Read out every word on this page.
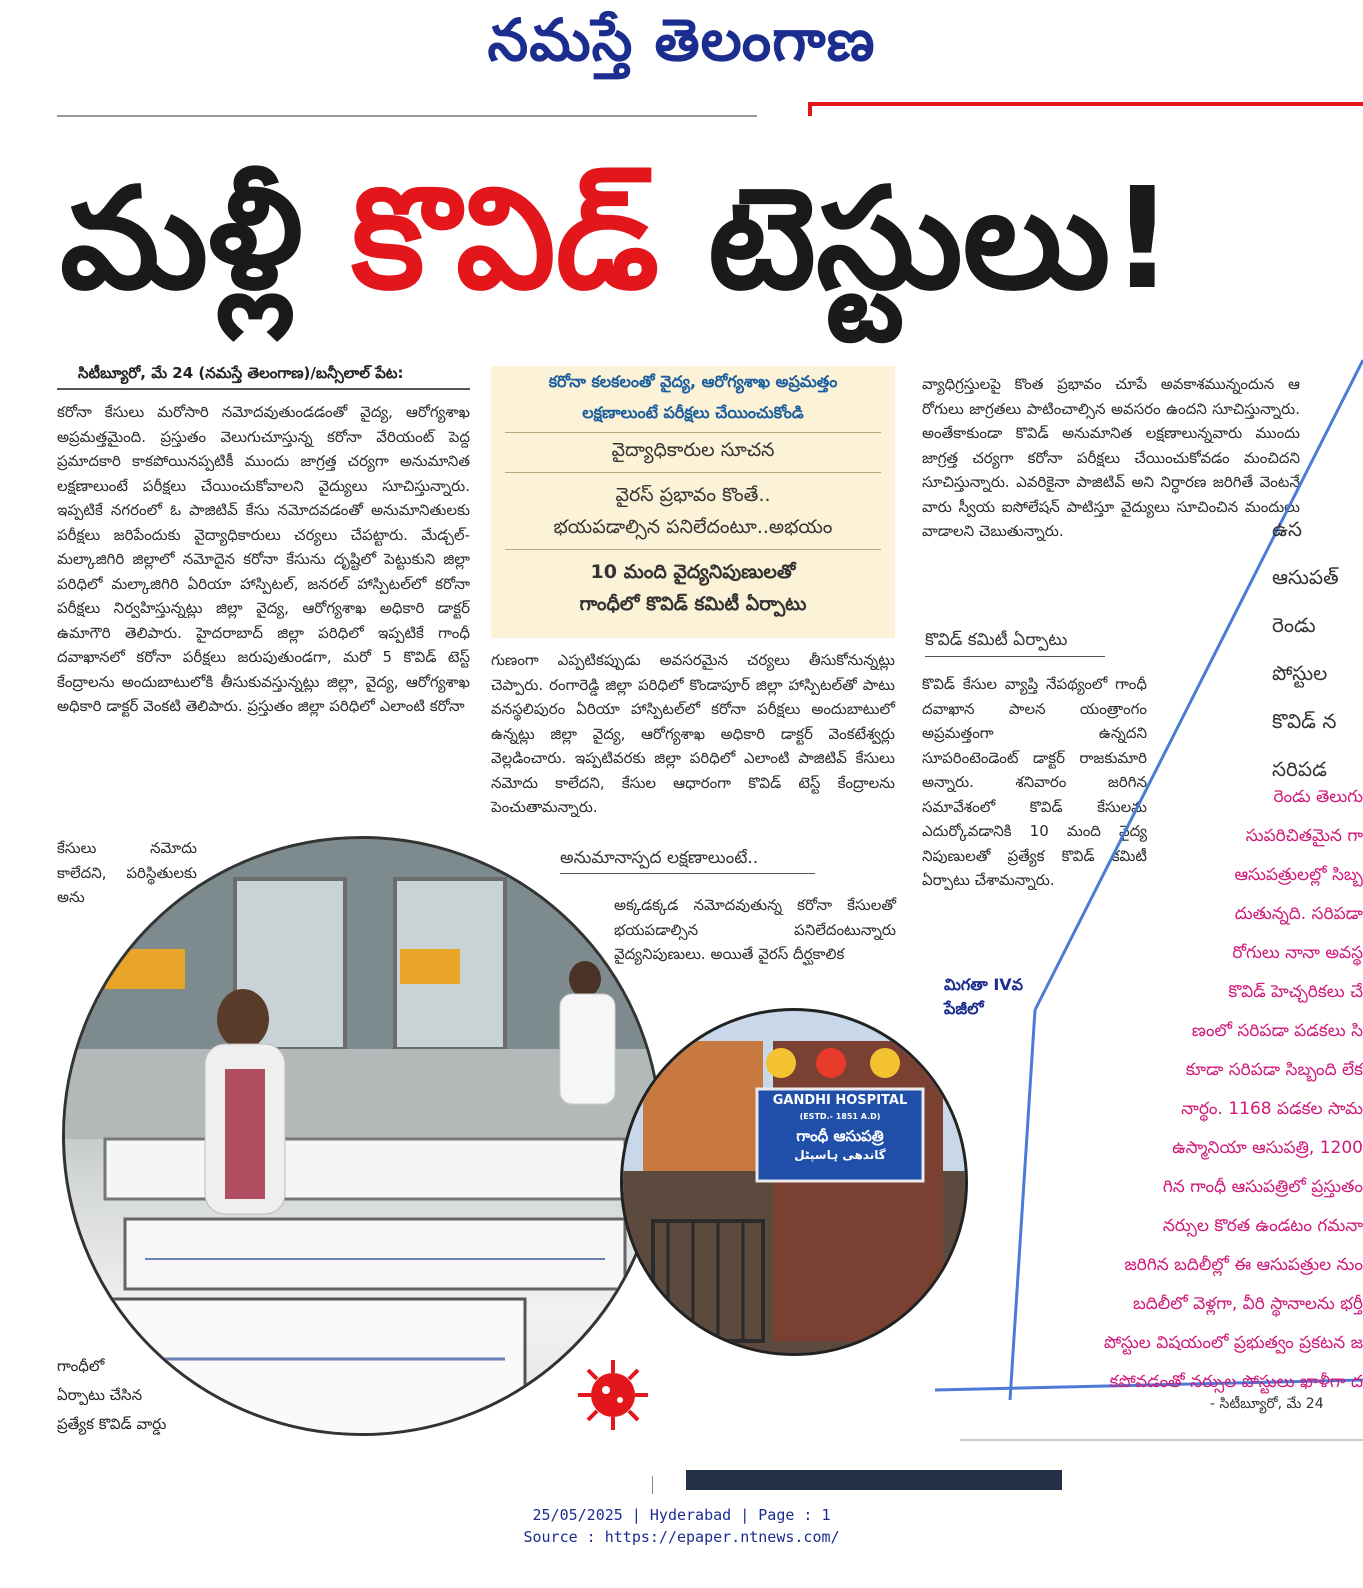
నమస్తే తెలంగాణ
మళ్లీ కొవిడ్ టెస్టులు!
సిటీబ్యూరో, మే 24 (నమస్తే తెలంగాణ)/బన్సీలాల్ పేట:
కరోనా కేసులు మరోసారి నమోదవుతుండడంతో వైద్య, ఆరోగ్యశాఖ అప్రమత్తమైంది. ప్రస్తుతం వెలుగుచూస్తున్న కరోనా వేరియంట్ పెద్ద ప్రమాదకారి కాకపోయినప్పటికీ ముందు జాగ్రత్త చర్యగా అనుమానిత లక్షణాలుంటే పరీక్షలు చేయించుకోవాలని వైద్యులు సూచిస్తున్నారు. ఇప్పటికే నగరంలో ఓ పాజిటివ్ కేసు నమోదవడంతో అనుమానితులకు పరీక్షలు జరిపేందుకు వైద్యాధికారులు చర్యలు చేపట్టారు. మేడ్చల్-మల్కాజిగిరి జిల్లాలో నమోదైన కరోనా కేసును దృష్టిలో పెట్టుకుని జిల్లా పరిధిలో మల్కాజిగిరి ఏరియా హాస్పిటల్, జనరల్ హాస్పిటల్‌లో కరోనా పరీక్షలు నిర్వహిస్తున్నట్లు జిల్లా వైద్య, ఆరోగ్యశాఖ అధికారి డాక్టర్ ఉమాగౌరి తెలిపారు. హైదరాబాద్ జిల్లా పరిధిలో ఇప్పటికే గాంధీ దవాఖానలో కరోనా పరీక్షలు జరుపుతుండగా, మరో 5 కొవిడ్ టెస్ట్ కేంద్రాలను అందుబాటులోకి తీసుకువస్తున్నట్లు జిల్లా, వైద్య, ఆరోగ్యశాఖ అధికారి డాక్టర్ వెంకటి తెలిపారు. ప్రస్తుతం జిల్లా పరిధిలో ఎలాంటి కరోనా
కేసులు నమోదు కాలేదని, పరిస్థితులకు అను
కరోనా కలకలంతో వైద్య, ఆరోగ్యశాఖ అప్రమత్తం
లక్షణాలుంటే పరీక్షలు చేయించుకోండి
వైద్యాధికారుల సూచన
వైరస్ ప్రభావం కొంతే..
భయపడాల్సిన పనిలేదంటూ..అభయం
10 మంది వైద్యనిపుణులతో
గాంధీలో కొవిడ్ కమిటీ ఏర్పాటు
గుణంగా ఎప్పటికప్పుడు అవసరమైన చర్యలు తీసుకోనున్నట్లు చెప్పారు. రంగారెడ్డి జిల్లా పరిధిలో కొండాపూర్ జిల్లా హాస్పిటల్‌తో పాటు వనస్థలిపురం ఏరియా హాస్పిటల్‌లో కరోనా పరీక్షలు అందుబాటులో ఉన్నట్లు జిల్లా వైద్య, ఆరోగ్యశాఖ అధికారి డాక్టర్ వెంకటేశ్వర్లు వెల్లడించారు. ఇప్పటివరకు జిల్లా పరిధిలో ఎలాంటి పాజిటివ్ కేసులు నమోదు కాలేదని, కేసుల ఆధారంగా కొవిడ్ టెస్ట్ కేంద్రాలను పెంచుతామన్నారు.
అనుమానాస్పద లక్షణాలుంటే..
అక్కడక్కడ నమోదవుతున్న కరోనా కేసులతో భయపడాల్సిన పనిలేదంటున్నారు వైద్యనిపుణులు. అయితే వైరస్ దీర్ఘకాలిక
వ్యాధిగ్రస్తులపై కొంత ప్రభావం చూపే అవకాశమున్నందున ఆ రోగులు జాగ్రతలు పాటించాల్సిన అవసరం ఉందని సూచిస్తున్నారు. అంతేకాకుండా కొవిడ్ అనుమానిత లక్షణాలున్నవారు ముందు జాగ్రత్త చర్యగా కరోనా పరీక్షలు చేయించుకోవడం మంచిదని సూచిస్తున్నారు. ఎవరికైనా పాజిటివ్ అని నిర్ధారణ జరిగితే వెంటనే వారు స్వీయ ఐసోలేషన్ పాటిస్తూ వైద్యులు సూచించిన మందులు వాడాలని చెబుతున్నారు.
కొవిడ్ కమిటీ ఏర్పాటు
కొవిడ్ కేసుల వ్యాప్తి నేపథ్యంలో గాంధీ దవాఖాన పాలన యంత్రాంగం అప్రమత్తంగా ఉన్నదని సూపరింటెండెంట్ డాక్టర్ రాజకుమారి అన్నారు. శనివారం జరిగిన సమావేశంలో కొవిడ్ కేసులను ఎదుర్కోవడానికి 10 మంది వైద్య నిపుణులతో ప్రత్యేక కొవిడ్ కమిటీ ఏర్పాటు చేశామన్నారు.
మిగతా IVవ పేజీలో
ఉస
ఆసుపత్
రెండు
పోస్టుల
కొవిడ్ న
సరిపడ
రెండు తెలుగు
సుపరిచితమైన గా
ఆసుపత్రులల్లో సిబ్బ
దుతున్నది. సరిపడా
రోగులు నానా అవస్థ
కొవిడ్ హెచ్చరికలు చే
ణంలో సరిపడా పడకలు సి
కూడా సరిపడా సిబ్బంది లేక
నార్థం. 1168 పడకల సామ
ఉస్మానియా ఆసుపత్రి, 1200
గిన గాంధీ ఆసుపత్రిలో ప్రస్తుతం
నర్సుల కొరత ఉండటం గమనా
జరిగిన బదిలీల్లో ఈ ఆసుపత్రుల నుం
బదిలీలో వెళ్లగా, వీరి స్థానాలను భర్తీ
పోస్టుల విషయంలో ప్రభుత్వం ప్రకటన జ
కపోవడంతో నర్సుల పోస్టులు ఖాళీగా ద
- సిటీబ్యూరో, మే 24
GANDHI HOSPITAL
(ESTD.- 1851 A.D)
గాంధీ ఆసుపత్రి
گاندھی ہاسپٹل
గాంధీలో
ఏర్పాటు చేసిన
ప్రత్యేక కొవిడ్ వార్డు
25/05/2025 | Hyderabad | Page : 1
Source : https://epaper.ntnews.com/
